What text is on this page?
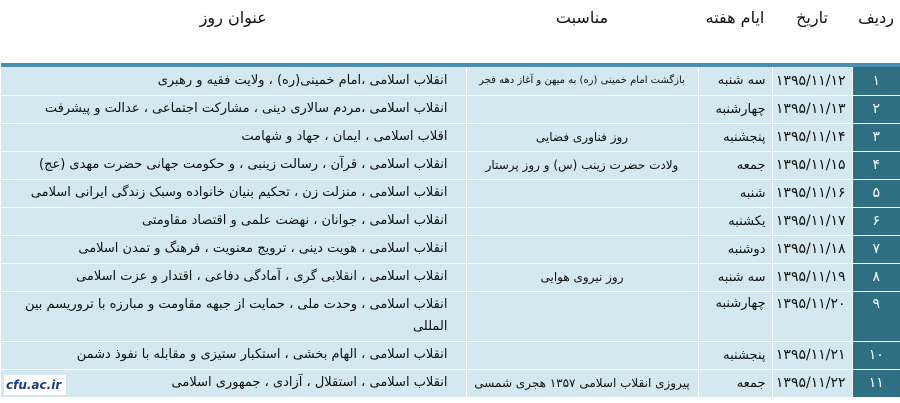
ردیف	تاریخ	ایام هفته	مناسبت	عنوان روز

۱	۱۳۹۵/۱۱/۱۲	سه شنبه	بازگشت امام خمینی (ره) به میهن و آغاز دهه فجر	انقلاب اسلامی ،امام خمینی(ره) ، ولایت فقیه و رهبری
۲	۱۳۹۵/۱۱/۱۳	چهارشنبه		انقلاب اسلامی ،مردم سالاری دینی ، مشارکت اجتماعی ، عدالت و پیشرفت
۳	۱۳۹۵/۱۱/۱۴	پنجشنبه	روز فناوری فضایی	اقلاب اسلامی ، ایمان ، جهاد و شهامت
۴	۱۳۹۵/۱۱/۱۵	جمعه	ولادت حضرت زینب (س) و روز پرستار	انقلاب اسلامی ، قرآن ، رسالت زینبی ، و حکومت جهانی حضرت مهدی (عج)
۵	۱۳۹۵/۱۱/۱۶	شنبه		انقلاب اسلامی ، منزلت زن ، تحکیم بنیان خانواده وسبک زندگی ایرانی اسلامی
۶	۱۳۹۵/۱۱/۱۷	یکشنبه		انقلاب اسلامی ، جوانان ، نهضت علمی و اقتصاد مقاومتی
۷	۱۳۹۵/۱۱/۱۸	دوشنبه		انقلاب اسلامی ، هویت دینی ، ترویج معنویت ، فرهنگ و تمدن اسلامی
۸	۱۳۹۵/۱۱/۱۹	سه شنبه	روز نیروی هوایی	انقلاب اسلامی ، انقلابی گری ، آمادگی دفاعی ، اقتدار و عزت اسلامی
۹	۱۳۹۵/۱۱/۲۰	چهارشنبه		انقلاب اسلامی ، وحدت ملی ، حمایت از جبهه مقاومت و مبارزه با تروریسم بین المللی
۱۰	۱۳۹۵/۱۱/۲۱	پنجشنبه		انقلاب اسلامی ، الهام بخشی ، استکبار ستیزی و مقابله با نفوذ دشمن
۱۱	۱۳۹۵/۱۱/۲۲	جمعه	پیروزی انقلاب اسلامی ۱۳۵۷ هجری شمسی	انقلاب اسلامی ، استقلال ، آزادی ، جمهوری اسلامی
cfu.ac.ir
